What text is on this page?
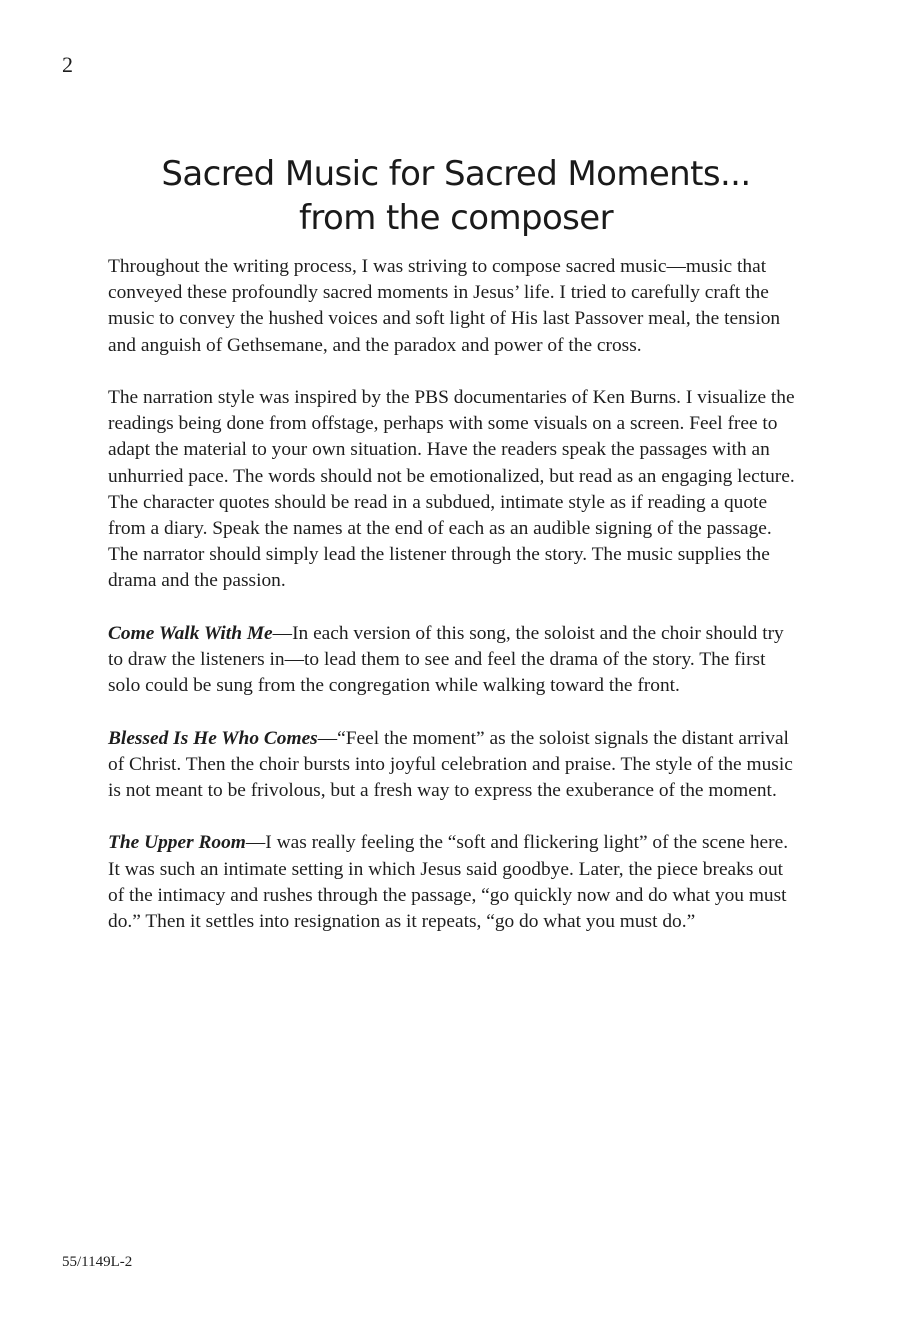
2
Sacred Music for Sacred Moments...
from the composer

Throughout the writing process, I was striving to compose sacred music—music that conveyed these profoundly sacred moments in Jesus’ life. I tried to carefully craft the music to convey the hushed voices and soft light of His last Passover meal, the tension and anguish of Gethsemane, and the paradox and power of the cross.

The narration style was inspired by the PBS documentaries of Ken Burns. I visualize the readings being done from offstage, perhaps with some visuals on a screen. Feel free to adapt the material to your own situation. Have the readers speak the passages with an unhurried pace. The words should not be emotionalized, but read as an engaging lecture. The character quotes should be read in a subdued, intimate style as if reading a quote from a diary. Speak the names at the end of each as an audible signing of the passage. The narrator should simply lead the listener through the story. The music supplies the drama and the passion.

Come Walk With Me—In each version of this song, the soloist and the choir should try to draw the listeners in—to lead them to see and feel the drama of the story. The first solo could be sung from the congregation while walking toward the front.

Blessed Is He Who Comes—“Feel the moment” as the soloist signals the distant arrival of Christ. Then the choir bursts into joyful celebration and praise. The style of the music is not meant to be frivolous, but a fresh way to express the exuberance of the moment.

The Upper Room—I was really feeling the “soft and flickering light” of the scene here. It was such an intimate setting in which Jesus said goodbye. Later, the piece breaks out of the intimacy and rushes through the passage, “go quickly now and do what you must do.” Then it settles into resignation as it repeats, “go do what you must do.”

55/1149L-2
